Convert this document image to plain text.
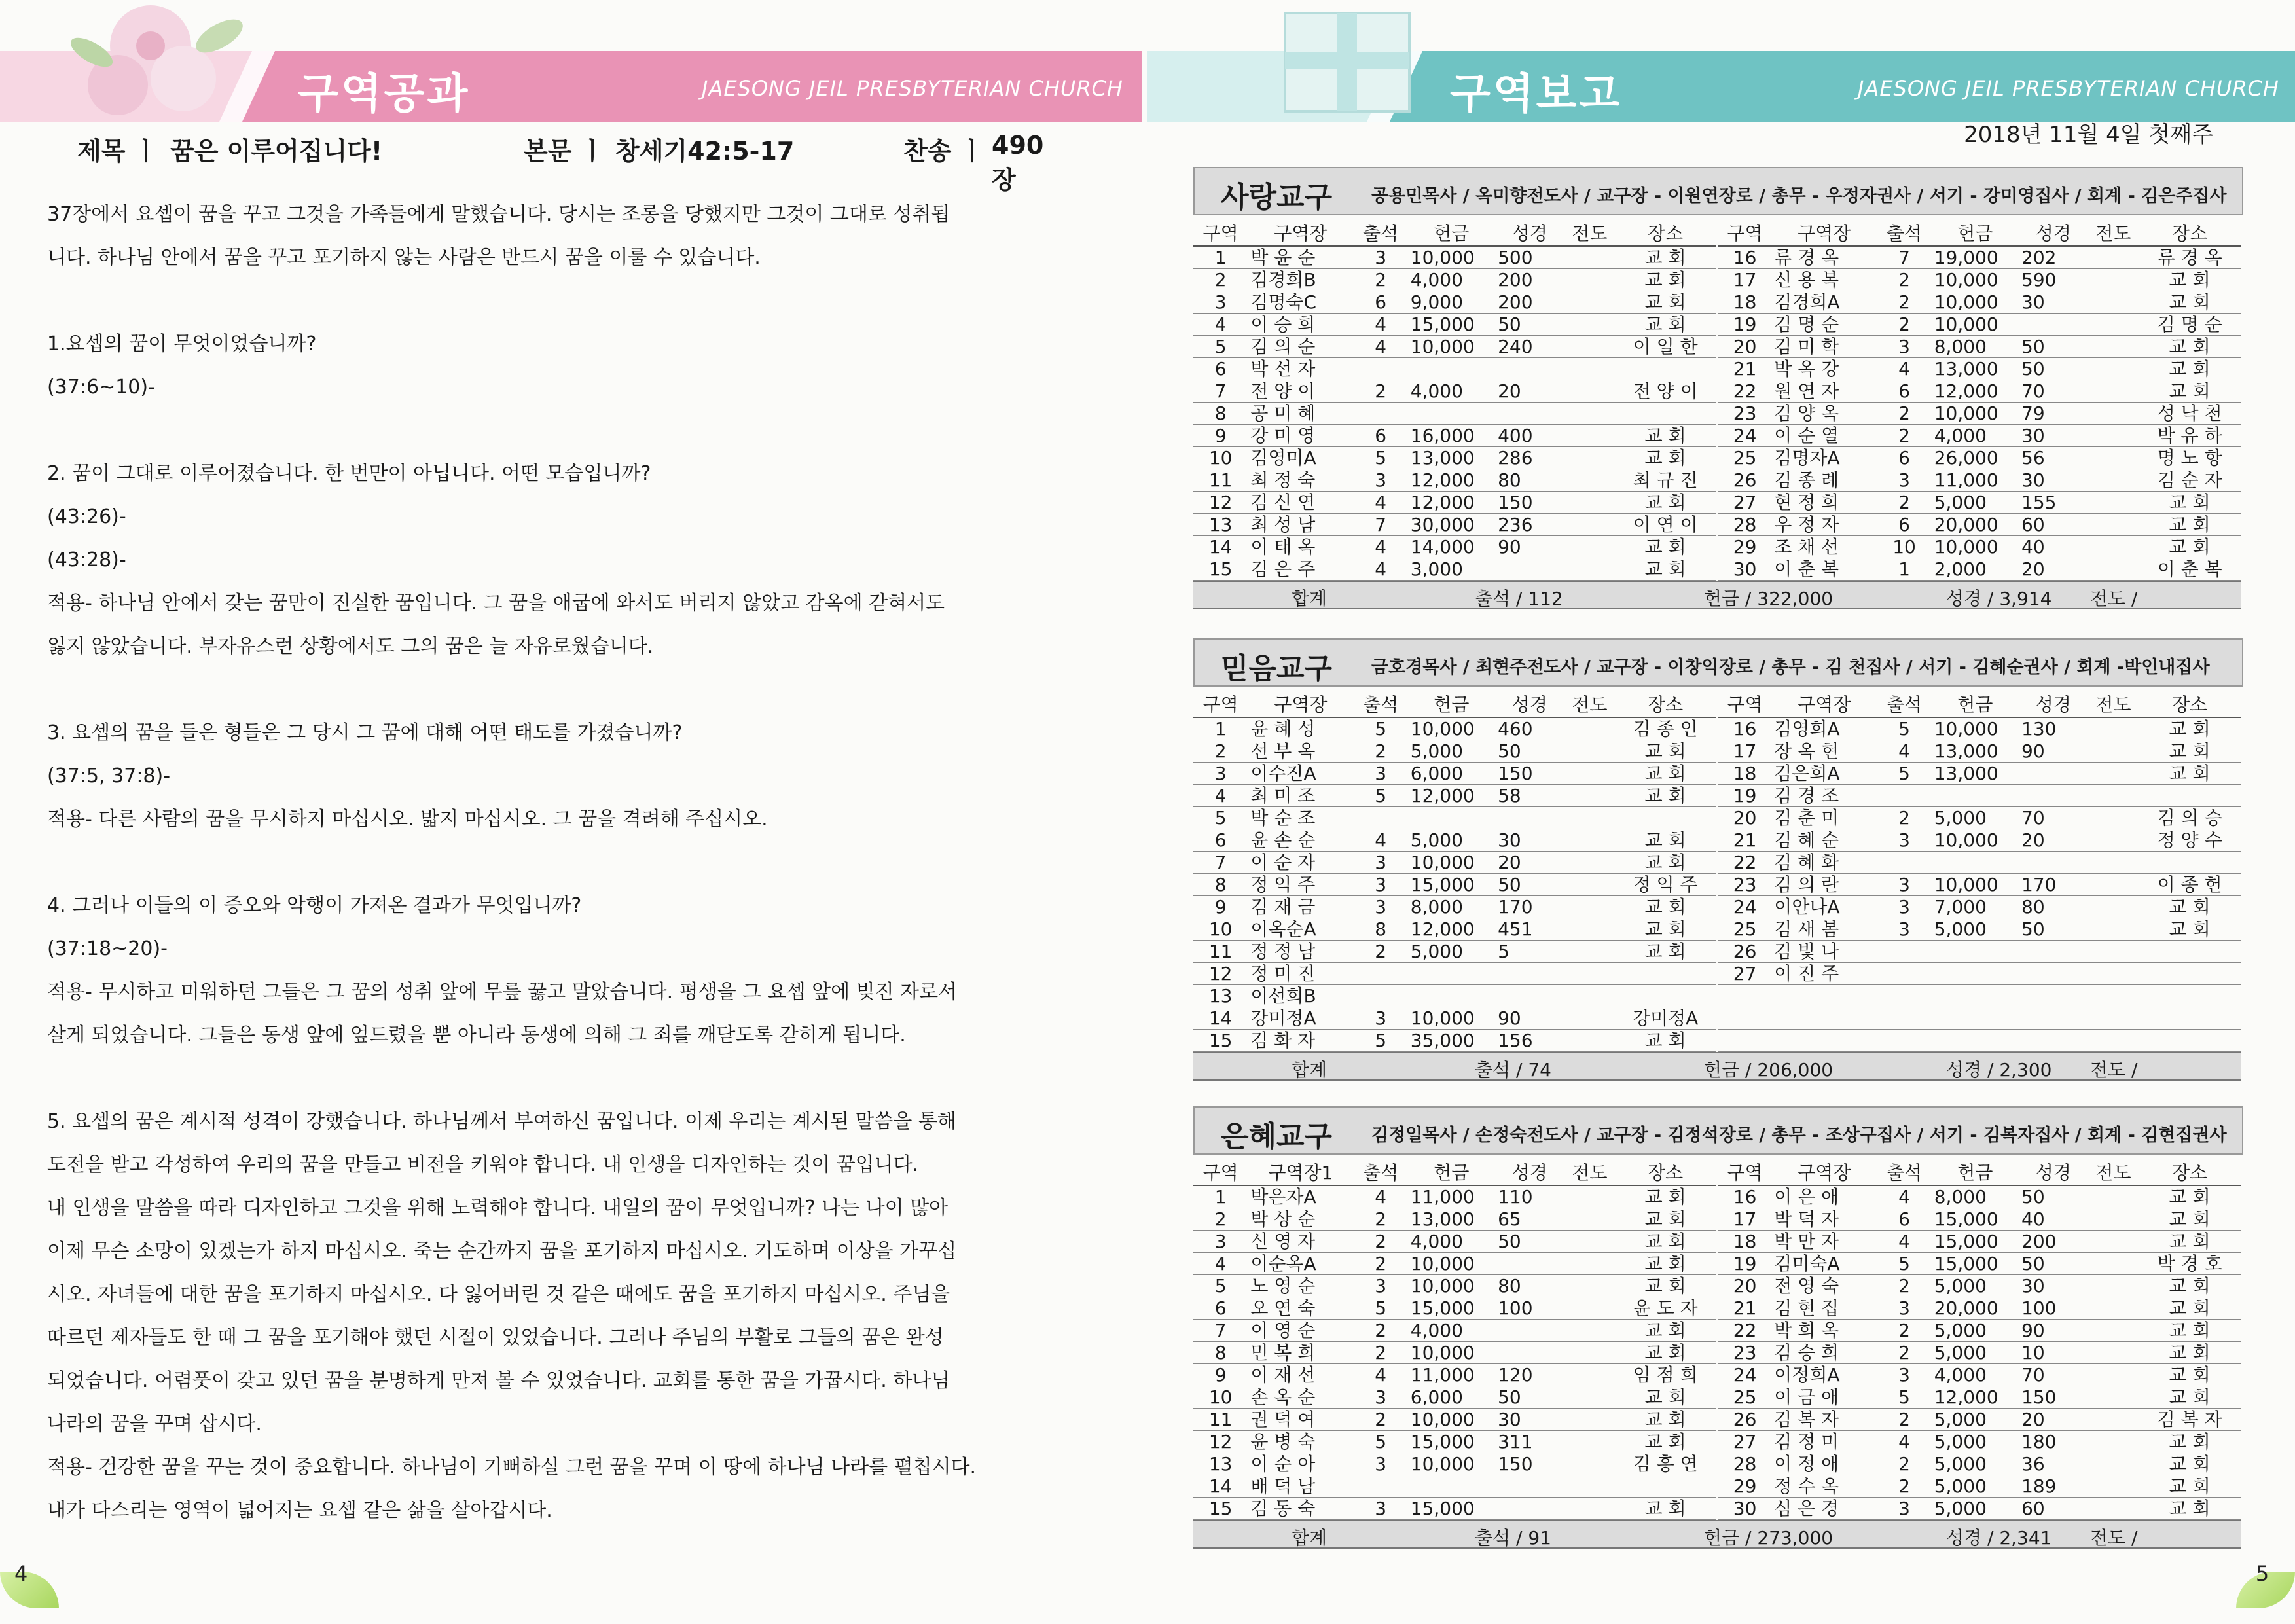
구역공과	JAESONG JEIL PRESBYTERIAN CHURCH
제목 ㅣ 꿈은 이루어집니다!	본문 ㅣ 창세기42:5-17	찬송 ㅣ 490장

37장에서 요셉이 꿈을 꾸고 그것을 가족들에게 말했습니다. 당시는 조롱을 당했지만 그것이 그대로 성취됩

니다. 하나님 안에서 꿈을 꾸고 포기하지 않는 사람은 반드시 꿈을 이룰 수 있습니다.

1.요셉의 꿈이 무엇이었습니까?

(37:6~10)-

2. 꿈이 그대로 이루어졌습니다. 한 번만이 아닙니다. 어떤 모습입니까?

(43:26)-

(43:28)-

적용- 하나님 안에서 갖는 꿈만이 진실한 꿈입니다. 그 꿈을 애굽에 와서도 버리지 않았고 감옥에 갇혀서도

잃지 않았습니다. 부자유스런 상황에서도 그의 꿈은 늘 자유로웠습니다.

3. 요셉의 꿈을 들은 형들은 그 당시 그 꿈에 대해 어떤 태도를 가졌습니까?

(37:5, 37:8)-

적용- 다른 사람의 꿈을 무시하지 마십시오. 밟지 마십시오. 그 꿈을 격려해 주십시오.

4. 그러나 이들의 이 증오와 악행이 가져온 결과가 무엇입니까?

(37:18~20)-

적용- 무시하고 미워하던 그들은 그 꿈의 성취 앞에 무릎 꿇고 말았습니다. 평생을 그 요셉 앞에 빚진 자로서

살게 되었습니다. 그들은 동생 앞에 엎드렸을 뿐 아니라 동생에 의해 그 죄를 깨닫도록 갇히게 됩니다.

5. 요셉의 꿈은 계시적 성격이 강했습니다. 하나님께서 부여하신 꿈입니다. 이제 우리는 계시된 말씀을 통해

도전을 받고 각성하여 우리의 꿈을 만들고 비전을 키워야 합니다. 내 인생을 디자인하는 것이 꿈입니다.

내 인생을 말씀을 따라 디자인하고 그것을 위해 노력해야 합니다. 내일의 꿈이 무엇입니까? 나는 나이 많아

이제 무슨 소망이 있겠는가 하지 마십시오. 죽는 순간까지 꿈을 포기하지 마십시오. 기도하며 이상을 가꾸십

시오. 자녀들에 대한 꿈을 포기하지 마십시오. 다 잃어버린 것 같은 때에도 꿈을 포기하지 마십시오. 주님을

따르던 제자들도 한 때 그 꿈을 포기해야 했던 시절이 있었습니다. 그러나 주님의 부활로 그들의 꿈은 완성

되었습니다. 어렴풋이 갖고 있던 꿈을 분명하게 만져 볼 수 있었습니다. 교회를 통한 꿈을 가꿉시다. 하나님

나라의 꿈을 꾸며 삽시다.

적용- 건강한 꿈을 꾸는 것이 중요합니다. 하나님이 기뻐하실 그런 꿈을 꾸며 이 땅에 하나님 나라를 펼칩시다.

내가 다스리는 영역이 넓어지는 요셉 같은 삶을 살아갑시다.

4
구역보고	JAESONG JEIL PRESBYTERIAN CHURCH
2018년 11월 4일 첫째주
사랑교구 공용민목사 / 옥미향전도사 / 교구장 - 이원연장로 / 총무 - 우정자권사 / 서기 - 강미영집사 / 회계 - 김은주집사
구역	구역장	출석	헌금	성경	전도	장소	구역	구역장	출석	헌금	성경	전도	장소
1	박 윤 순	3	10,000	500		교 회	16	류 경 옥	7	19,000	202		류 경 옥
2	김경희B	2	4,000	200		교 회	17	신 용 복	2	10,000	590		교 회
3	김명숙C	6	9,000	200		교 회	18	김경희A	2	10,000	30		교 회
4	이 승 희	4	15,000	50		교 회	19	김 명 순	2	10,000			김 명 순
5	김 의 순	4	10,000	240		이 일 한	20	김 미 학	3	8,000	50		교 회
6	박 선 자						21	박 옥 강	4	13,000	50		교 회
7	전 양 이	2	4,000	20		전 양 이	22	원 연 자	6	12,000	70		교 회
8	공 미 혜						23	김 양 옥	2	10,000	79		성 낙 천
9	강 미 영	6	16,000	400		교 회	24	이 순 열	2	4,000	30		박 유 하
10	김영미A	5	13,000	286		교 회	25	김명자A	6	26,000	56		명 노 항
11	최 정 숙	3	12,000	80		최 규 진	26	김 종 례	3	11,000	30		김 순 자
12	김 신 연	4	12,000	150		교 회	27	현 정 희	2	5,000	155		교 회
13	최 성 남	7	30,000	236		이 연 이	28	우 정 자	6	20,000	60		교 회
14	이 태 옥	4	14,000	90		교 회	29	조 채 선	10	10,000	40		교 회
15	김 은 주	4	3,000			교 회	30	이 춘 복	1	2,000	20		이 춘 복
합계	출석 / 112	헌금 / 322,000	성경 / 3,914 전도 /
믿음교구 금호경목사 / 최현주전도사 / 교구장 - 이창익장로 / 총무 - 김 천집사 / 서기 - 김혜순권사 / 회계 -박인내집사
구역	구역장	출석	헌금	성경	전도	장소	구역	구역장	출석	헌금	성경	전도	장소
1	윤 혜 성	5	10,000	460		김 종 인	16	김영희A	5	10,000	130		교 회
2	선 부 옥	2	5,000	50		교 회	17	장 옥 현	4	13,000	90		교 회
3	이수진A	3	6,000	150		교 회	18	김은희A	5	13,000			교 회
4	최 미 조	5	12,000	58		교 회	19	김 경 조					
5	박 순 조						20	김 춘 미	2	5,000	70		김 의 승
6	윤 손 순	4	5,000	30		교 회	21	김 혜 순	3	10,000	20		정 양 수
7	이 순 자	3	10,000	20		교 회	22	김 혜 화					
8	정 익 주	3	15,000	50		정 익 주	23	김 의 란	3	10,000	170		이 종 헌
9	김 재 금	3	8,000	170		교 회	24	이안나A	3	7,000	80		교 회
10	이옥순A	8	12,000	451		교 회	25	김 새 봄	3	5,000	50		교 회
11	정 정 남	2	5,000	5		교 회	26	김 빛 나					
12	정 미 진						27	이 진 주					
13	이선희B												
14	강미정A	3	10,000	90		강미정A							
15	김 화 자	5	35,000	156		교 회							
합계	출석 / 74	헌금 / 206,000	성경 / 2,300 전도 /
은혜교구 김정일목사 / 손정숙전도사 / 교구장 - 김정석장로 / 총무 - 조상구집사 / 서기 - 김복자집사 / 회계 - 김현집권사
구역	구역장1	출석	헌금	성경	전도	장소	구역	구역장	출석	헌금	성경	전도	장소
1	박은자A	4	11,000	110		교 회	16	이 은 애	4	8,000	50		교 회
2	박 상 순	2	13,000	65		교 회	17	박 덕 자	6	15,000	40		교 회
3	신 영 자	2	4,000	50		교 회	18	박 만 자	4	15,000	200		교 회
4	이순옥A	2	10,000			교 회	19	김미숙A	5	15,000	50		박 경 호
5	노 영 순	3	10,000	80		교 회	20	전 영 숙	2	5,000	30		교 회
6	오 연 숙	5	15,000	100		윤 도 자	21	김 현 집	3	20,000	100		교 회
7	이 영 순	2	4,000			교 회	22	박 희 옥	2	5,000	90		교 회
8	민 복 희	2	10,000			교 회	23	김 승 희	2	5,000	10		교 회
9	이 재 선	4	11,000	120		임 점 희	24	이정희A	3	4,000	70		교 회
10	손 옥 순	3	6,000	50		교 회	25	이 금 애	5	12,000	150		교 회
11	권 덕 여	2	10,000	30		교 회	26	김 복 자	2	5,000	20		김 복 자
12	윤 병 숙	5	15,000	311		교 회	27	김 정 미	4	5,000	180		교 회
13	이 순 아	3	10,000	150		김 흥 연	28	이 정 애	2	5,000	36		교 회
14	배 덕 남						29	정 수 옥	2	5,000	189		교 회
15	김 동 숙	3	15,000			교 회	30	심 은 경	3	5,000	60		교 회
합계	출석 / 91	헌금 / 273,000	성경 / 2,341 전도 /
5
